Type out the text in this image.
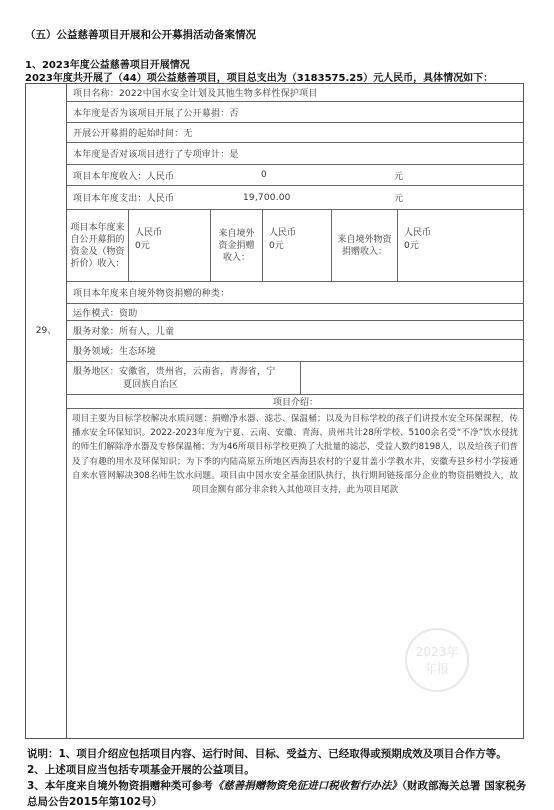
（五）公益慈善项目开展和公开募捐活动备案情况
1、2023年度公益慈善项目开展情况
2023年度共开展了（44）项公益慈善项目，项目总支出为（3183575.25）元人民币，具体情况如下：
29、
项目名称：2022中国水安全计划及其他生物多样性保护项目
本年度是否为该项目开展了公开募捐：否
开展公开募捐的起始时间：无
本年度是否对该项目进行了专项审计：是
项目本年度收入：人民币	0	元
项目本年度支出：人民币	19,700.00	元
项目本年度来自公开募捐的资金及（物资折价）收入：
人民币
0元
来自境外资金捐赠收入：
人民币
0元
来自境外物资捐赠收入：
人民币
0元
项目本年度来自境外物资捐赠的种类：
运作模式：资助
服务对象：所有人，儿童
服务领域：生态环境
服务地区：安徽省，贵州省，云南省，青海省，宁
夏回族自治区
项目介绍：
项目主要为目标学校解决水质问题：捐赠净水器、滤芯、保温桶；以及为目标学校的孩子们讲授水安全环保课程，传播水安全环保知识。2022-2023年度为宁夏、云南、安徽、青海、贵州共计28所学校、5100余名受“不净”饮水侵扰的师生们解除净水器及专修保温桶；为为46所项目标学校更换了大批量的滤芯，受益人数约8198人，以及给孩子们普及了有趣的用水及环保知识；为下季的内陆高原五所地区西海县农村的宁夏甘盖小学教水井，安徽寿县乡村小学接通自来水管网解决308名师生饮水问题。项目由中国水安全基金团队执行，执行期间链接部分企业的物资捐赠投入，故项目金额有部分非余转入其他项目支持，此为项目尾款
说明：1、项目介绍应包括项目内容、运行时间、目标、受益方、已经取得或预期成效及项目合作方等。
2、上述项目应当包括专项基金开展的公益项目。
3、本年度来自境外物资捐赠种类可参考《慈善捐赠物资免征进口税收暂行办法》（财政部海关总署 国家税务总局公告2015年第102号）
2023年
年报
